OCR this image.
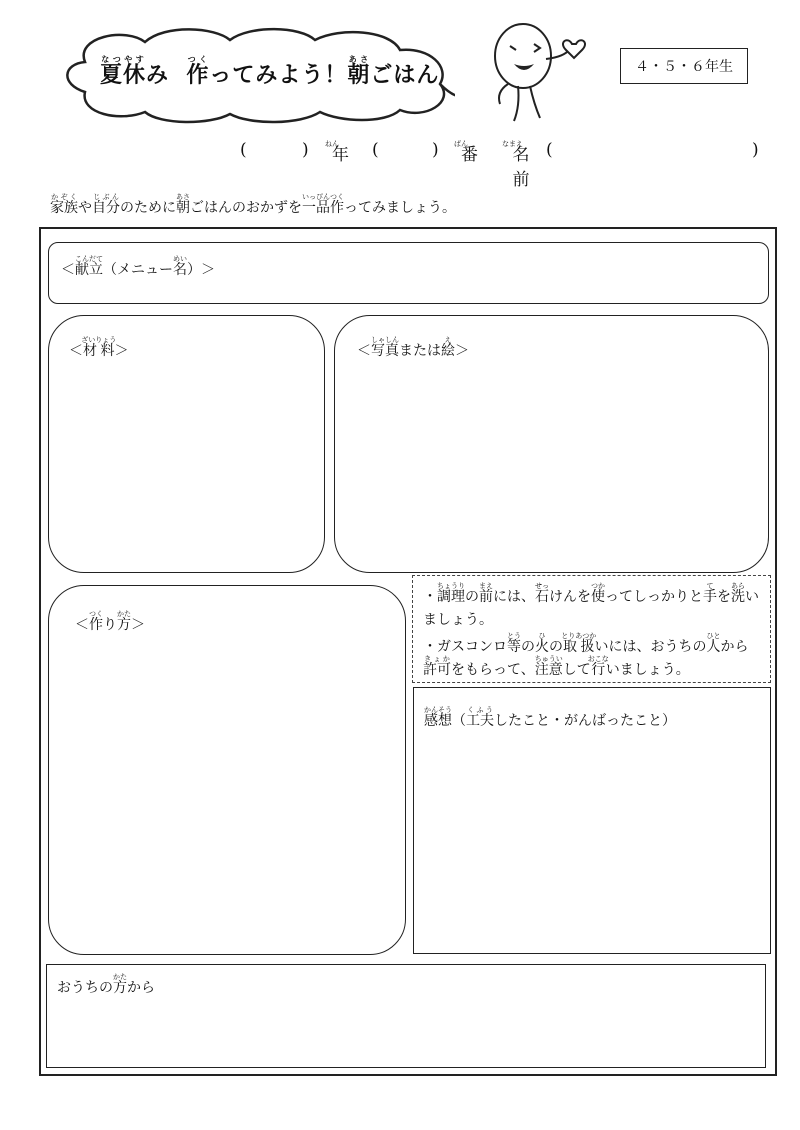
夏なつ休やすみ 作つくってみよう！朝あさごはん	４・５・６年生
(	) 年
ねん (	) 番
ばん
名前
なまえ (	)
家族かぞくや自分じぶんのために朝あさごはんのおかずを一品いっぴん作つくってみましょう。
＜献立こんだて（メニュー名めい）＞
＜材料ざいりょう＞	＜写真しゃしんまたは絵え＞
＜作つくり方かた＞
・調理ちょうりの前まえには、石せっけんを使つかってしっかりと手てを洗あらい
ましょう。
・ガスコンロ等とうの火ひの取扱とりあつかいには、おうちの人ひとから
許可きょかをもらって、注意ちゅういして行おこないましょう。
感想かんそう（工夫くふうしたこと・がんばったこと）
おうちの方かたから
